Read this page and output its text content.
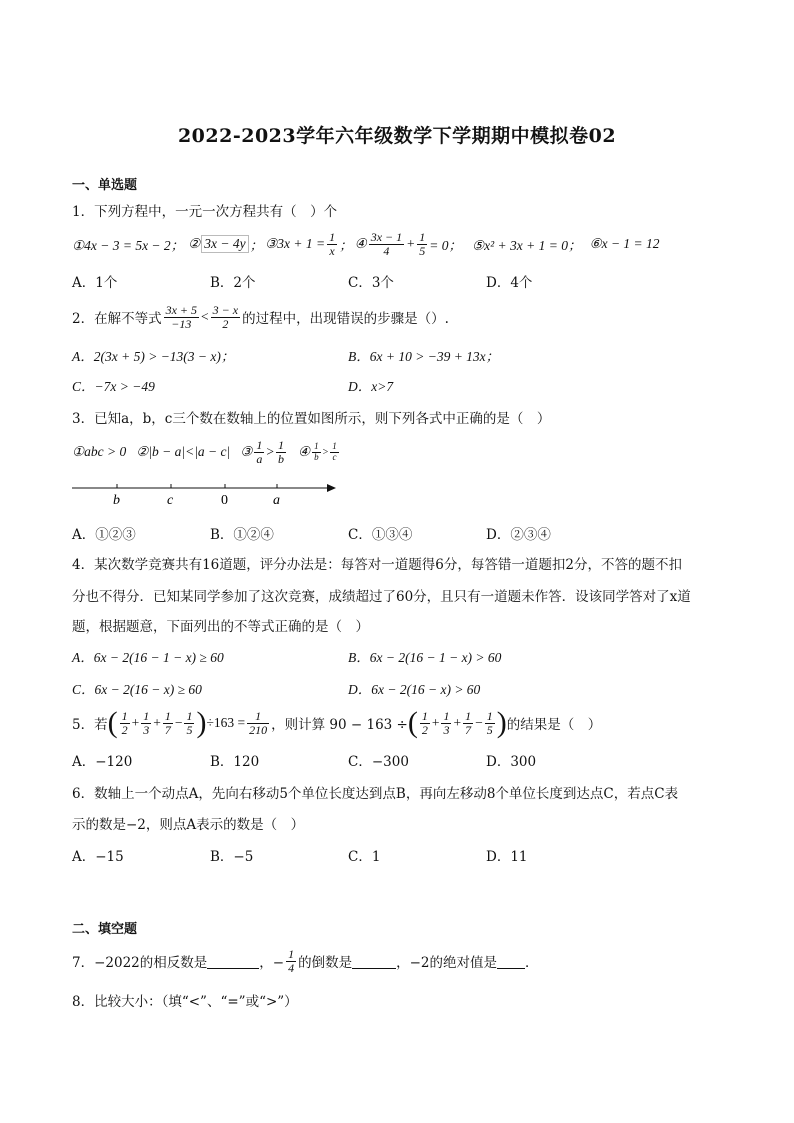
2022-2023学年六年级数学下学期期中模拟卷02
一、单选题
1．下列方程中，一元一次方程共有（　）个
①4x − 3 = 5x − 2； ② 3x − 4y ； ③3x + $1 = \frac{1}{x}$ ； ④ $\frac{3x - 1}{4} + \frac{1}{5} = 0$； ⑤x² + 3x + 1 = 0； ⑥x − 1 = 12
A．1个	B．2个	C．3个	D．4个
2．在解不等式 $\frac{3x + 5}{-13} < \frac{3 - x}{2}$ 的过程中，出现错误的步骤是（）.
A．2(3x + 5) > −13(3 − x)；	B．6x + 10 > −39 + 13x；
C．−7x > −49	D．x>7
3．已知a，b，c三个数在数轴上的位置如图所示，则下列各式中正确的是（　）
①abc > 0 ②|b − a|<|a − c| ③ $\frac{1}{a} > \frac{1}{b}$ ④ $\frac{1}{b} > \frac{1}{c}$
b	c	0	a
A．①②③	B．①②④	C．①③④	D．②③④
4．某次数学竞赛共有16道题，评分办法是：每答对一道题得6分，每答错一道题扣2分，不答的题不扣
分也不得分．已知某同学参加了这次竞赛，成绩超过了60分，且只有一道题未作答．设该同学答对了x道
题，根据题意，下面列出的不等式正确的是（　）
A．6x − 2(16 − 1 − x) ≥ 60	B．6x − 2(16 − 1 − x) > 60
C．6x − 2(16 − x) ≥ 60	D．6x − 2(16 − x) > 60
5．若 ( $\frac{1}{2} + \frac{1}{3} + \frac{1}{7} - \frac{1}{5}$ ) $\div 163 = \frac{1}{210}$ ，则计算 90 − 163 ÷ ( $\frac{1}{2} + \frac{1}{3} + \frac{1}{7} - \frac{1}{5}$ ) 的结果是（　）
A．−120	B．120	C．−300	D．300
6．数轴上一个动点A，先向右移动5个单位长度达到点B，再向左移动8个单位长度到达点C，若点C表
示的数是−2，则点A表示的数是（　）
A．−15	B．−5	C．1	D．11
二、填空题
7．−2022的相反数是	，− $\frac{1}{4}$ 的倒数是	，−2的绝对值是 ．
8．比较大小：（填“<”、“=”或“>”）
